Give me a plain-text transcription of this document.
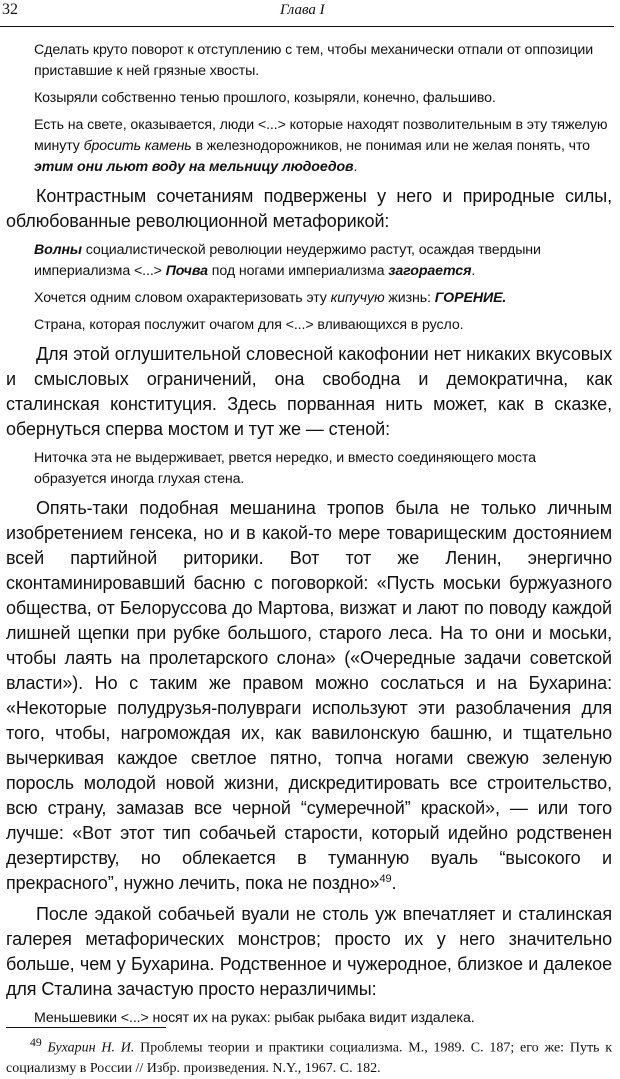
32	Глава I

Сделать круто поворот к отступлению с тем, чтобы механически отпали от оппозиции приставшие к ней грязные хвосты.

Козыряли собственно тенью прошлого, козыряли, конечно, фальшиво.

Есть на свете, оказывается, люди <...> которые находят позволительным в эту тяжелую минуту бросить камень в железнодорожников, не понимая или не желая понять, что этим они льют воду на мельницу людоедов.

Контрастным сочетаниям подвержены у него и природные силы, облюбованные революционной метафорикой:

Волны социалистической революции неудержимо растут, осаждая твердыни империализма <...> Почва под ногами империализма загорается.

Хочется одним словом охарактеризовать эту кипучую жизнь: ГОРЕНИЕ.

Страна, которая послужит очагом для <...> вливающихся в русло.

Для этой оглушительной словесной какофонии нет никаких вкусовых и смысловых ограничений, она свободна и демократична, как сталинская конституция. Здесь порванная нить может, как в сказке, обернуться сперва мостом и тут же — стеной:

Ниточка эта не выдерживает, рвется нередко, и вместо соединяющего моста образуется иногда глухая стена.

Опять-таки подобная мешанина тропов была не только личным изобретением генсека, но и в какой-то мере товарищеским достоянием всей партийной риторики. Вот тот же Ленин, энергично сконтаминировавший басню с поговоркой: «Пусть моськи буржуазного общества, от Белоруссова до Мартова, визжат и лают по поводу каждой лишней щепки при рубке большого, старого леса. На то они и моськи, чтобы лаять на пролетарского слона» («Очередные задачи советской власти»). Но с таким же правом можно сослаться и на Бухарина: «Некоторые полудрузья-полувраги используют эти разоблачения для того, чтобы, нагромождая их, как вавилонскую башню, и тщательно вычеркивая каждое светлое пятно, топча ногами свежую зеленую поросль молодой новой жизни, дискредитировать все строительство, всю страну, замазав все черной “сумеречной” краской», — или того лучше: «Вот этот тип собачьей старости, который идейно родственен дезертирству, но облекается в туманную вуаль “высокого и прекрасного”, нужно лечить, пока не поздно»$^{49}$.

После эдакой собачьей вуали не столь уж впечатляет и сталинская галерея метафорических монстров; просто их у него значительно больше, чем у Бухарина. Родственное и чужеродное, близкое и далекое для Сталина зачастую просто неразличимы:

Меньшевики <...> носят их на руках: рыбак рыбака видит издалека.

$^{49}$ Бухарин Н. И. Проблемы теории и практики социализма. М., 1989. С. 187; его же: Путь к социализму в России // Избр. произведения. N.Y., 1967. С. 182.
